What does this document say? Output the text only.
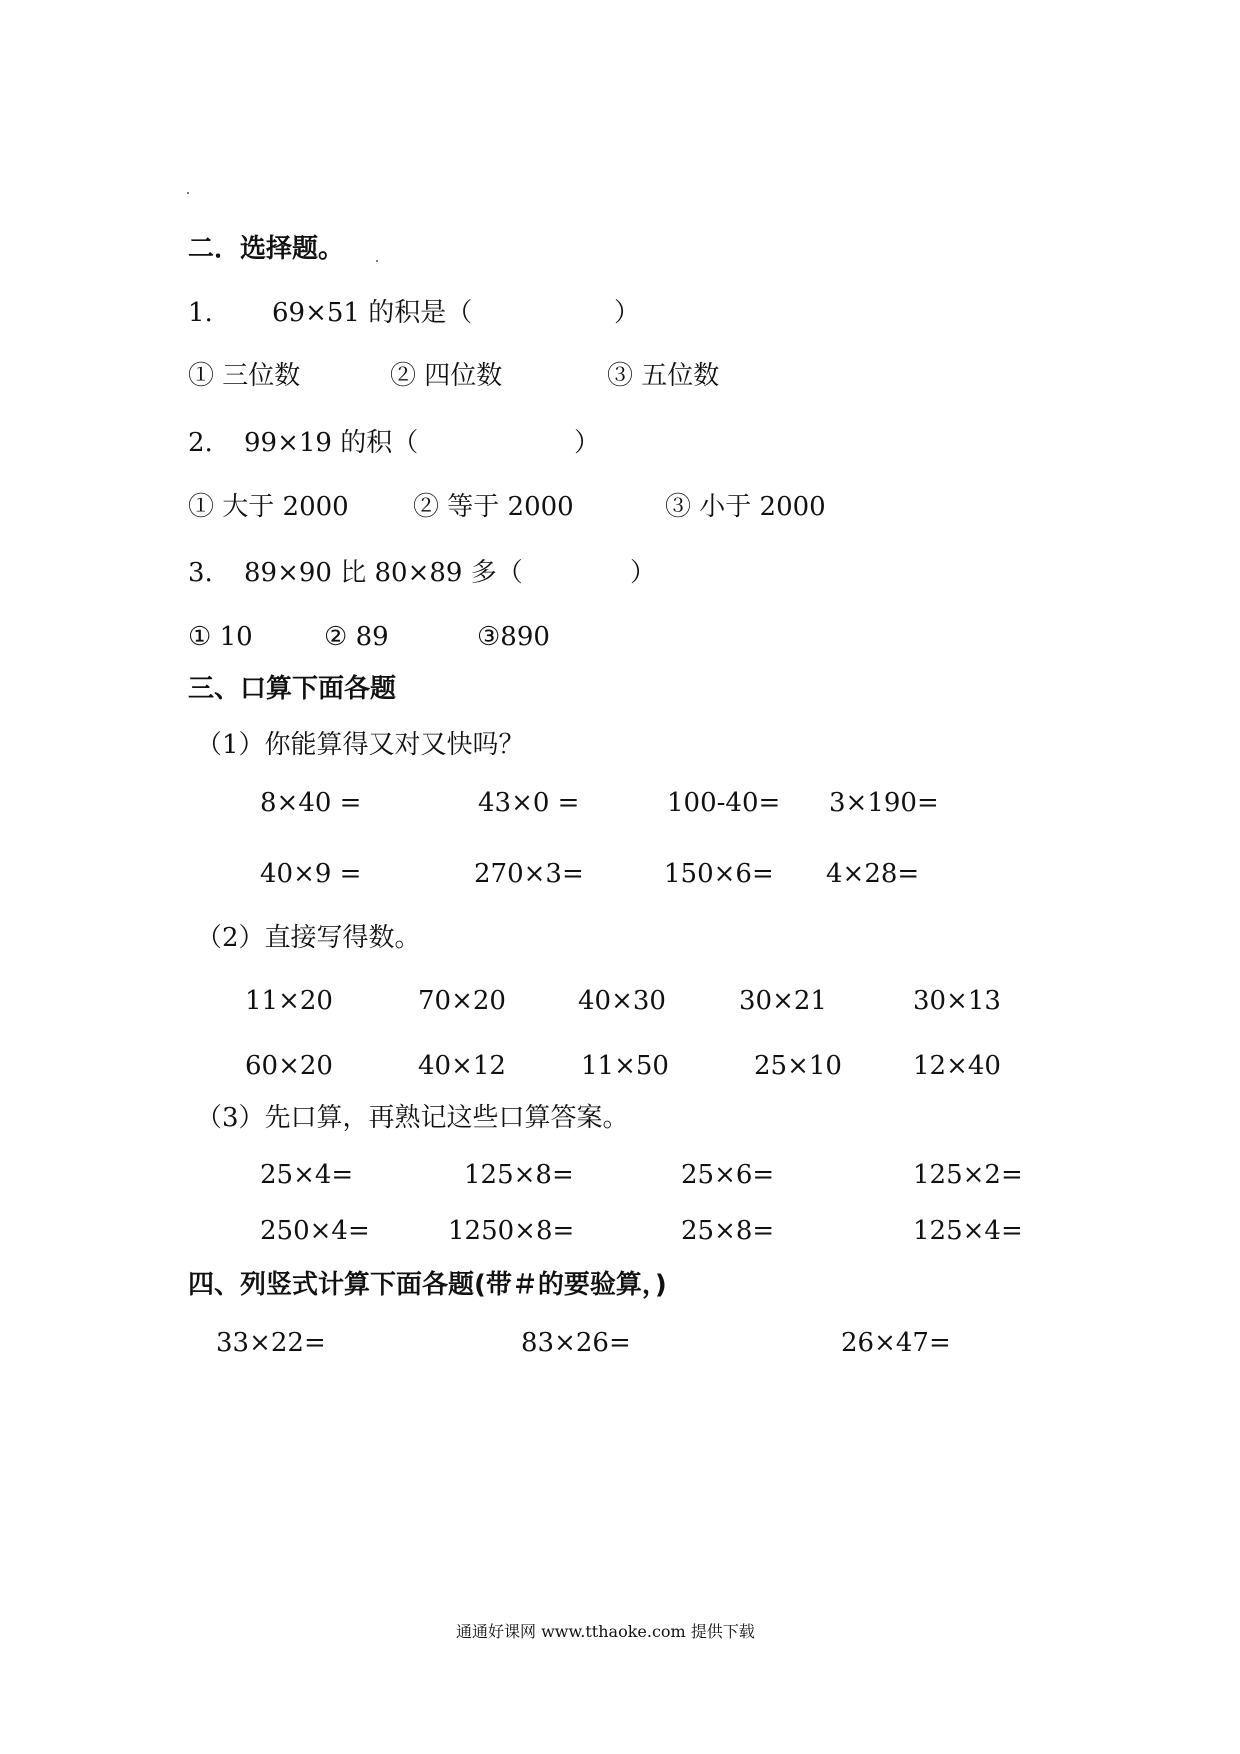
二．选择题。
1. 69×51 的积是（	）
① 三位数	② 四位数	③ 五位数
2. 99×19 的积（	）
① 大于 2000 ② 等于 2000	③ 小于 2000
3. 89×90 比 80×89 多（	）
① 10	② 89	③890
三、口算下面各题
（1）你能算得又对又快吗？
8×40 =	43×0 =	100-40= 3×190=
40×9 =	270×3=	150×6= 4×28=
（2）直接写得数。
11×20	70×20	40×30	30×21	30×13
60×20	40×12	11×50	25×10	12×40
（3）先口算，再熟记这些口算答案。
25×4=	125×8=	25×6=	125×2=
250×4=	1250×8=	25×8=	125×4=
四、列竖式计算下面各题(带＃的要验算，)
33×22=	83×26=	26×47=
通通好课网 www.tthaoke.com 提供下载
